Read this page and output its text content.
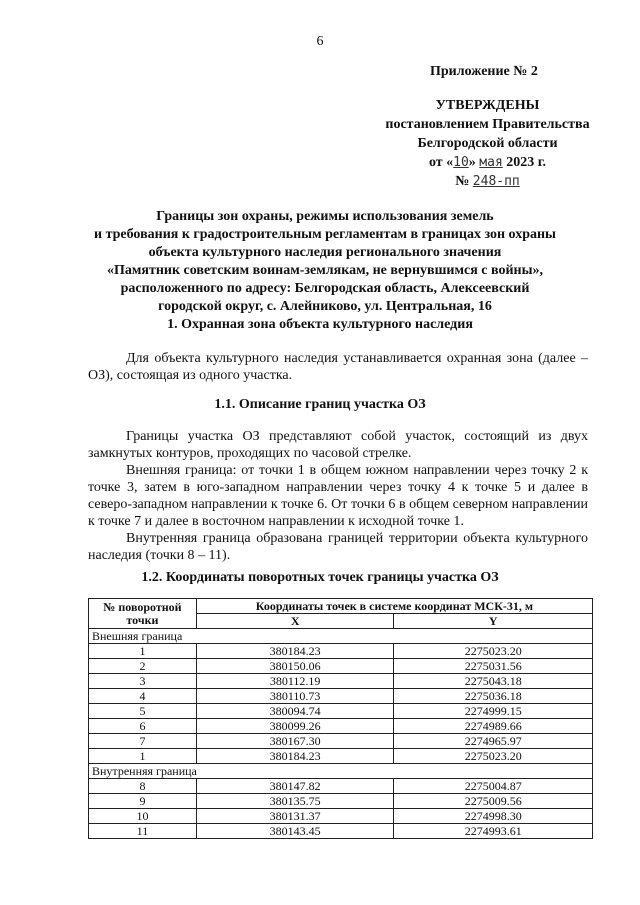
6
Приложение № 2
УТВЕРЖДЕНЫ
постановлением Правительства
Белгородской области
от «10» мая 2023 г.
№ 248-пп
Границы зон охраны, режимы использования земель
и требования к градостроительным регламентам в границах зон охраны
объекта культурного наследия регионального значения
«Памятник советским воинам-землякам, не вернувшимся с войны»,
расположенного по адресу: Белгородская область, Алексеевский
городской округ, с. Алейниково, ул. Центральная, 16
1. Охранная зона объекта культурного наследия
Для объекта культурного наследия устанавливается охранная зона (далее – ОЗ), состоящая из одного участка.
1.1. Описание границ участка ОЗ
Границы участка ОЗ представляют собой участок, состоящий из двух замкнутых контуров, проходящих по часовой стрелке.
Внешняя граница: от точки 1 в общем южном направлении через точку 2 к точке 3, затем в юго-западном направлении через точку 4 к точке 5 и далее в северо-западном направлении к точке 6. От точки 6 в общем северном направлении к точке 7 и далее в восточном направлении к исходной точке 1.
Внутренняя граница образована границей территории объекта культурного наследия (точки 8 – 11).
1.2. Координаты поворотных точек границы участка ОЗ
№ поворотной точки	Координаты точек в системе координат МСК-31, м	
	X	Y
Внешняя граница		
1	380184.23	2275023.20
2	380150.06	2275031.56
3	380112.19	2275043.18
4	380110.73	2275036.18
5	380094.74	2274999.15
6	380099.26	2274989.66
7	380167.30	2274965.97
1	380184.23	2275023.20
Внутренняя граница		
8	380147.82	2275004.87
9	380135.75	2275009.56
10	380131.37	2274998.30
11	380143.45	2274993.61
